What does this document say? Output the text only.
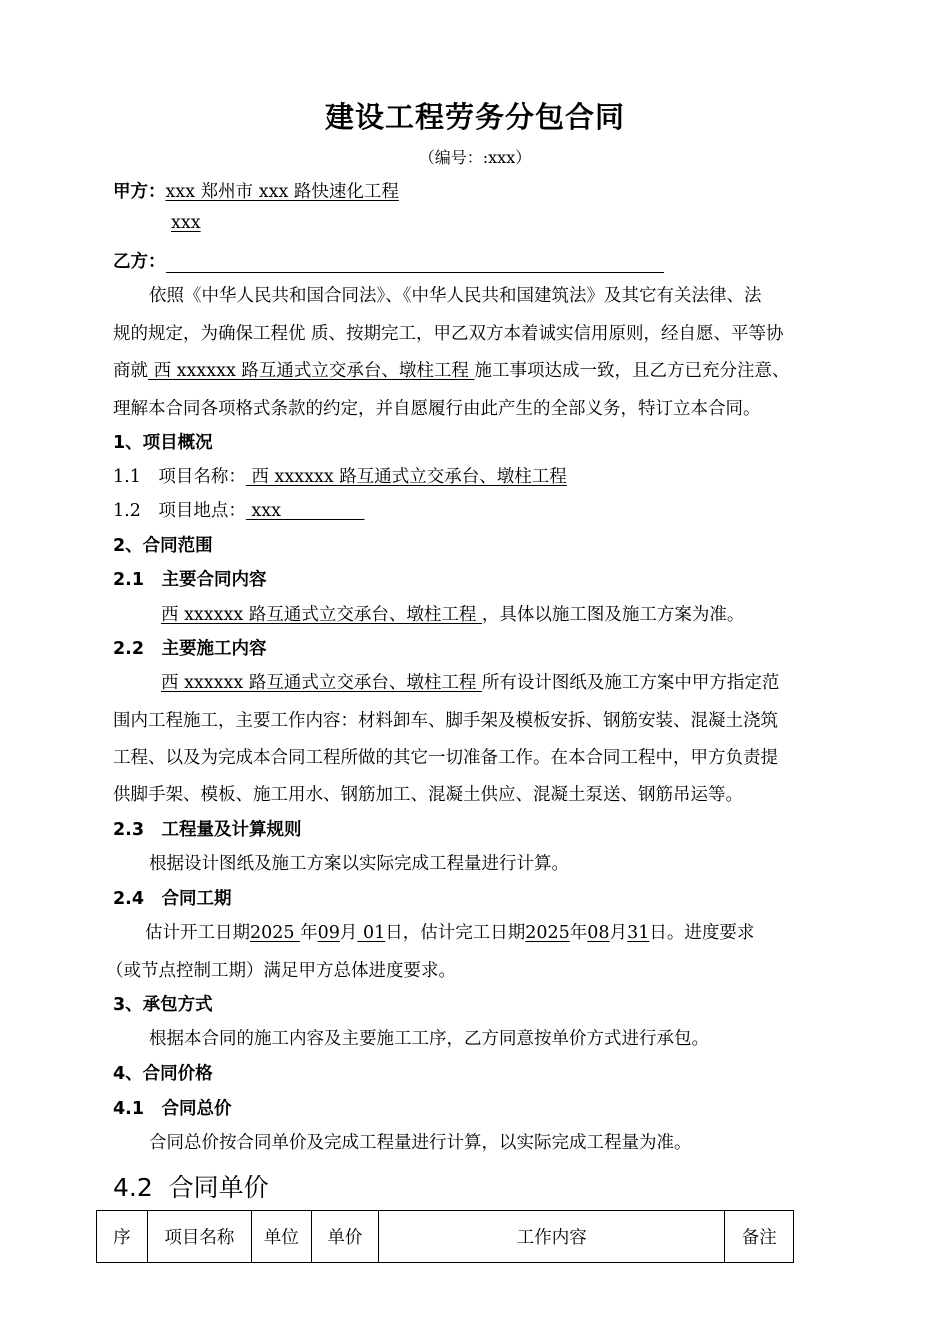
建设工程劳务分包合同
（编号：:xxx）
甲方：xxx 郑州市 xxx 路快速化工程
xxx
乙方：
依照《中华人民共和国合同法》、《中华人民共和国建筑法》及其它有关法律、法
规的规定，为确保工程优 质、按期完工，甲乙双方本着诚实信用原则，经自愿、平等协
商就 西 xxxxxx 路互通式立交承台、墩柱工程 施工事项达成一致，且乙方已充分注意、
理解本合同各项格式条款的约定，并自愿履行由此产生的全部义务，特订立本合同。
1、项目概况
1.1　项目名称： 西 xxxxxx 路互通式立交承台、墩柱工程
1.2　项目地点： xxx
2、合同范围
2.1　主要合同内容
西 xxxxxx 路互通式立交承台、墩柱工程 ，具体以施工图及施工方案为准。
2.2　主要施工内容
西 xxxxxx 路互通式立交承台、墩柱工程 所有设计图纸及施工方案中甲方指定范
围内工程施工，主要工作内容：材料卸车、脚手架及模板安拆、钢筋安装、混凝土浇筑
工程、以及为完成本合同工程所做的其它一切准备工作。在本合同工程中，甲方负责提
供脚手架、模板、施工用水、钢筋加工、混凝土供应、混凝土泵送、钢筋吊运等。
2.3　工程量及计算规则
根据设计图纸及施工方案以实际完成工程量进行计算。
2.4　合同工期
估计开工日期2025 年09月 01日，估计完工日期2025年08月31日。进度要求
（或节点控制工期）满足甲方总体进度要求。
3、承包方式
根据本合同的施工内容及主要施工工序，乙方同意按单价方式进行承包。
4、合同价格
4.1　合同总价
合同总价按合同单价及完成工程量进行计算，以实际完成工程量为准。
4.2  合同单价
序	项目名称	单位	单价	工作内容	备注
